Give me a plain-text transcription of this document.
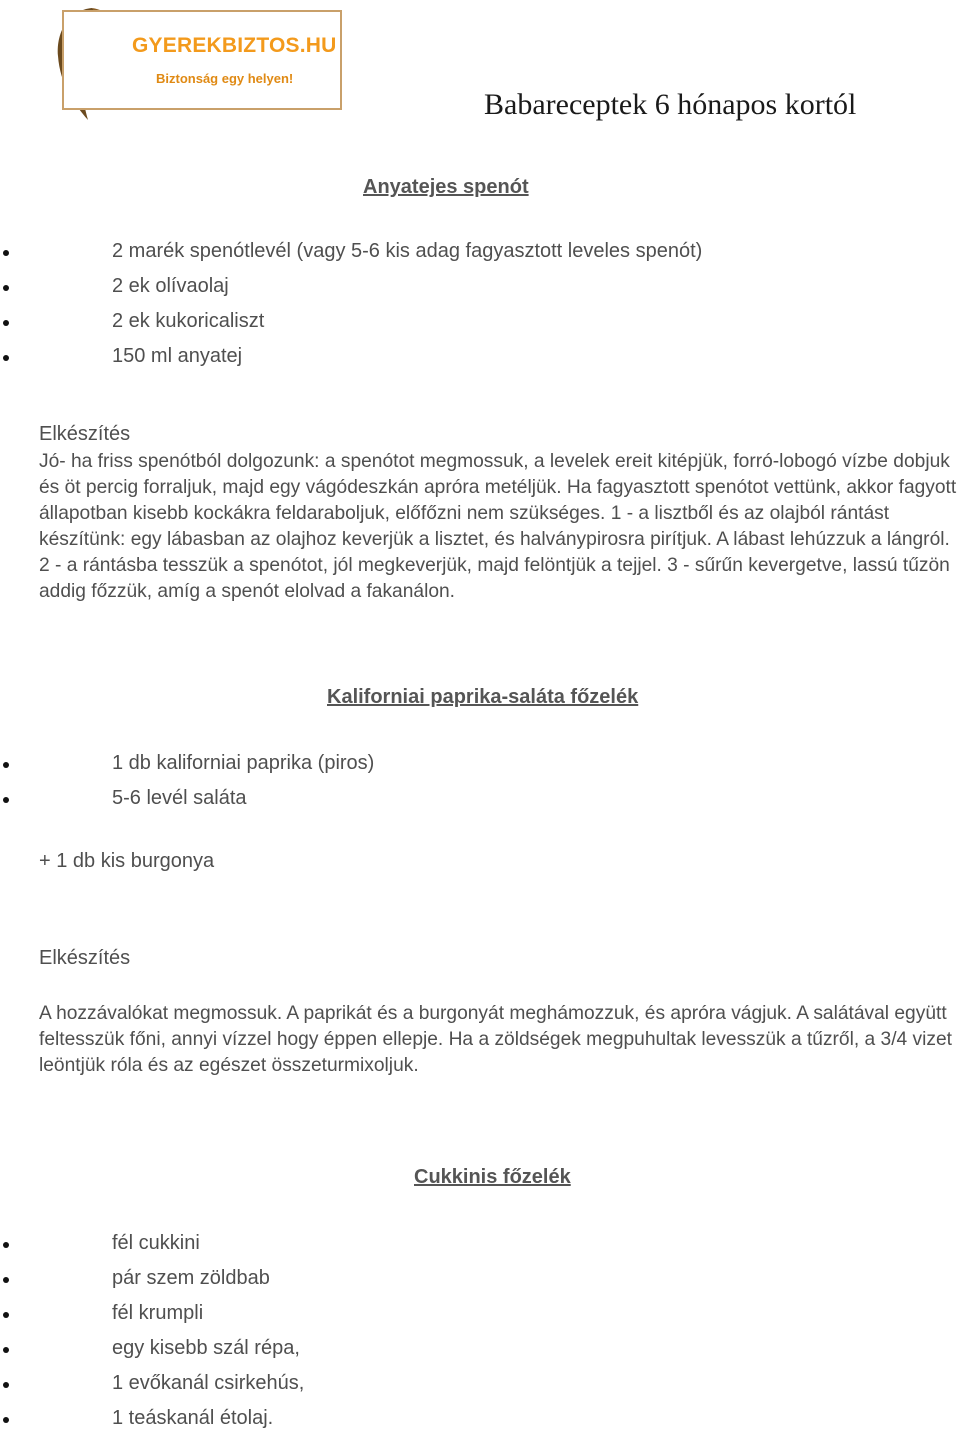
GYEREKBIZTOS.HU
Biztonság egy helyen!
Babareceptek 6 hónapos kortól
Anyatejes spenót
2 marék spenótlevél (vagy 5-6 kis adag fagyasztott leveles spenót)
2 ek olívaolaj
2 ek kukoricaliszt
150 ml anyatej
Elkészítés
Jó- ha friss spenótból dolgozunk: a spenótot megmossuk, a levelek ereit kitépjük, forró-lobogó vízbe dobjuk és öt percig forraljuk, majd egy vágódeszkán apróra metéljük. Ha fagyasztott spenótot vettünk, akkor fagyott állapotban kisebb kockákra feldaraboljuk, előfőzni nem szükséges. 1 - a lisztből és az olajból rántást készítünk: egy lábasban az olajhoz keverjük a lisztet, és halványpirosra pirítjuk. A lábast lehúzzuk a lángról. 2 - a rántásba tesszük a spenótot, jól megkeverjük, majd felöntjük a tejjel. 3 - sűrűn kevergetve, lassú tűzön addig főzzük, amíg a spenót elolvad a fakanálon.
Kaliforniai paprika-saláta főzelék
1 db kaliforniai paprika (piros)
5-6 levél saláta
+ 1 db kis burgonya
Elkészítés
A hozzávalókat megmossuk. A paprikát és a burgonyát meghámozzuk, és apróra vágjuk. A salátával együtt feltesszük főni, annyi vízzel hogy éppen ellepje. Ha a zöldségek megpuhultak levesszük a tűzről, a 3/4 vizet leöntjük róla és az egészet összeturmixoljuk.
Cukkinis főzelék
fél cukkini
pár szem zöldbab
fél krumpli
egy kisebb szál répa,
1 evőkanál csirkehús,
1 teáskanál étolaj.
